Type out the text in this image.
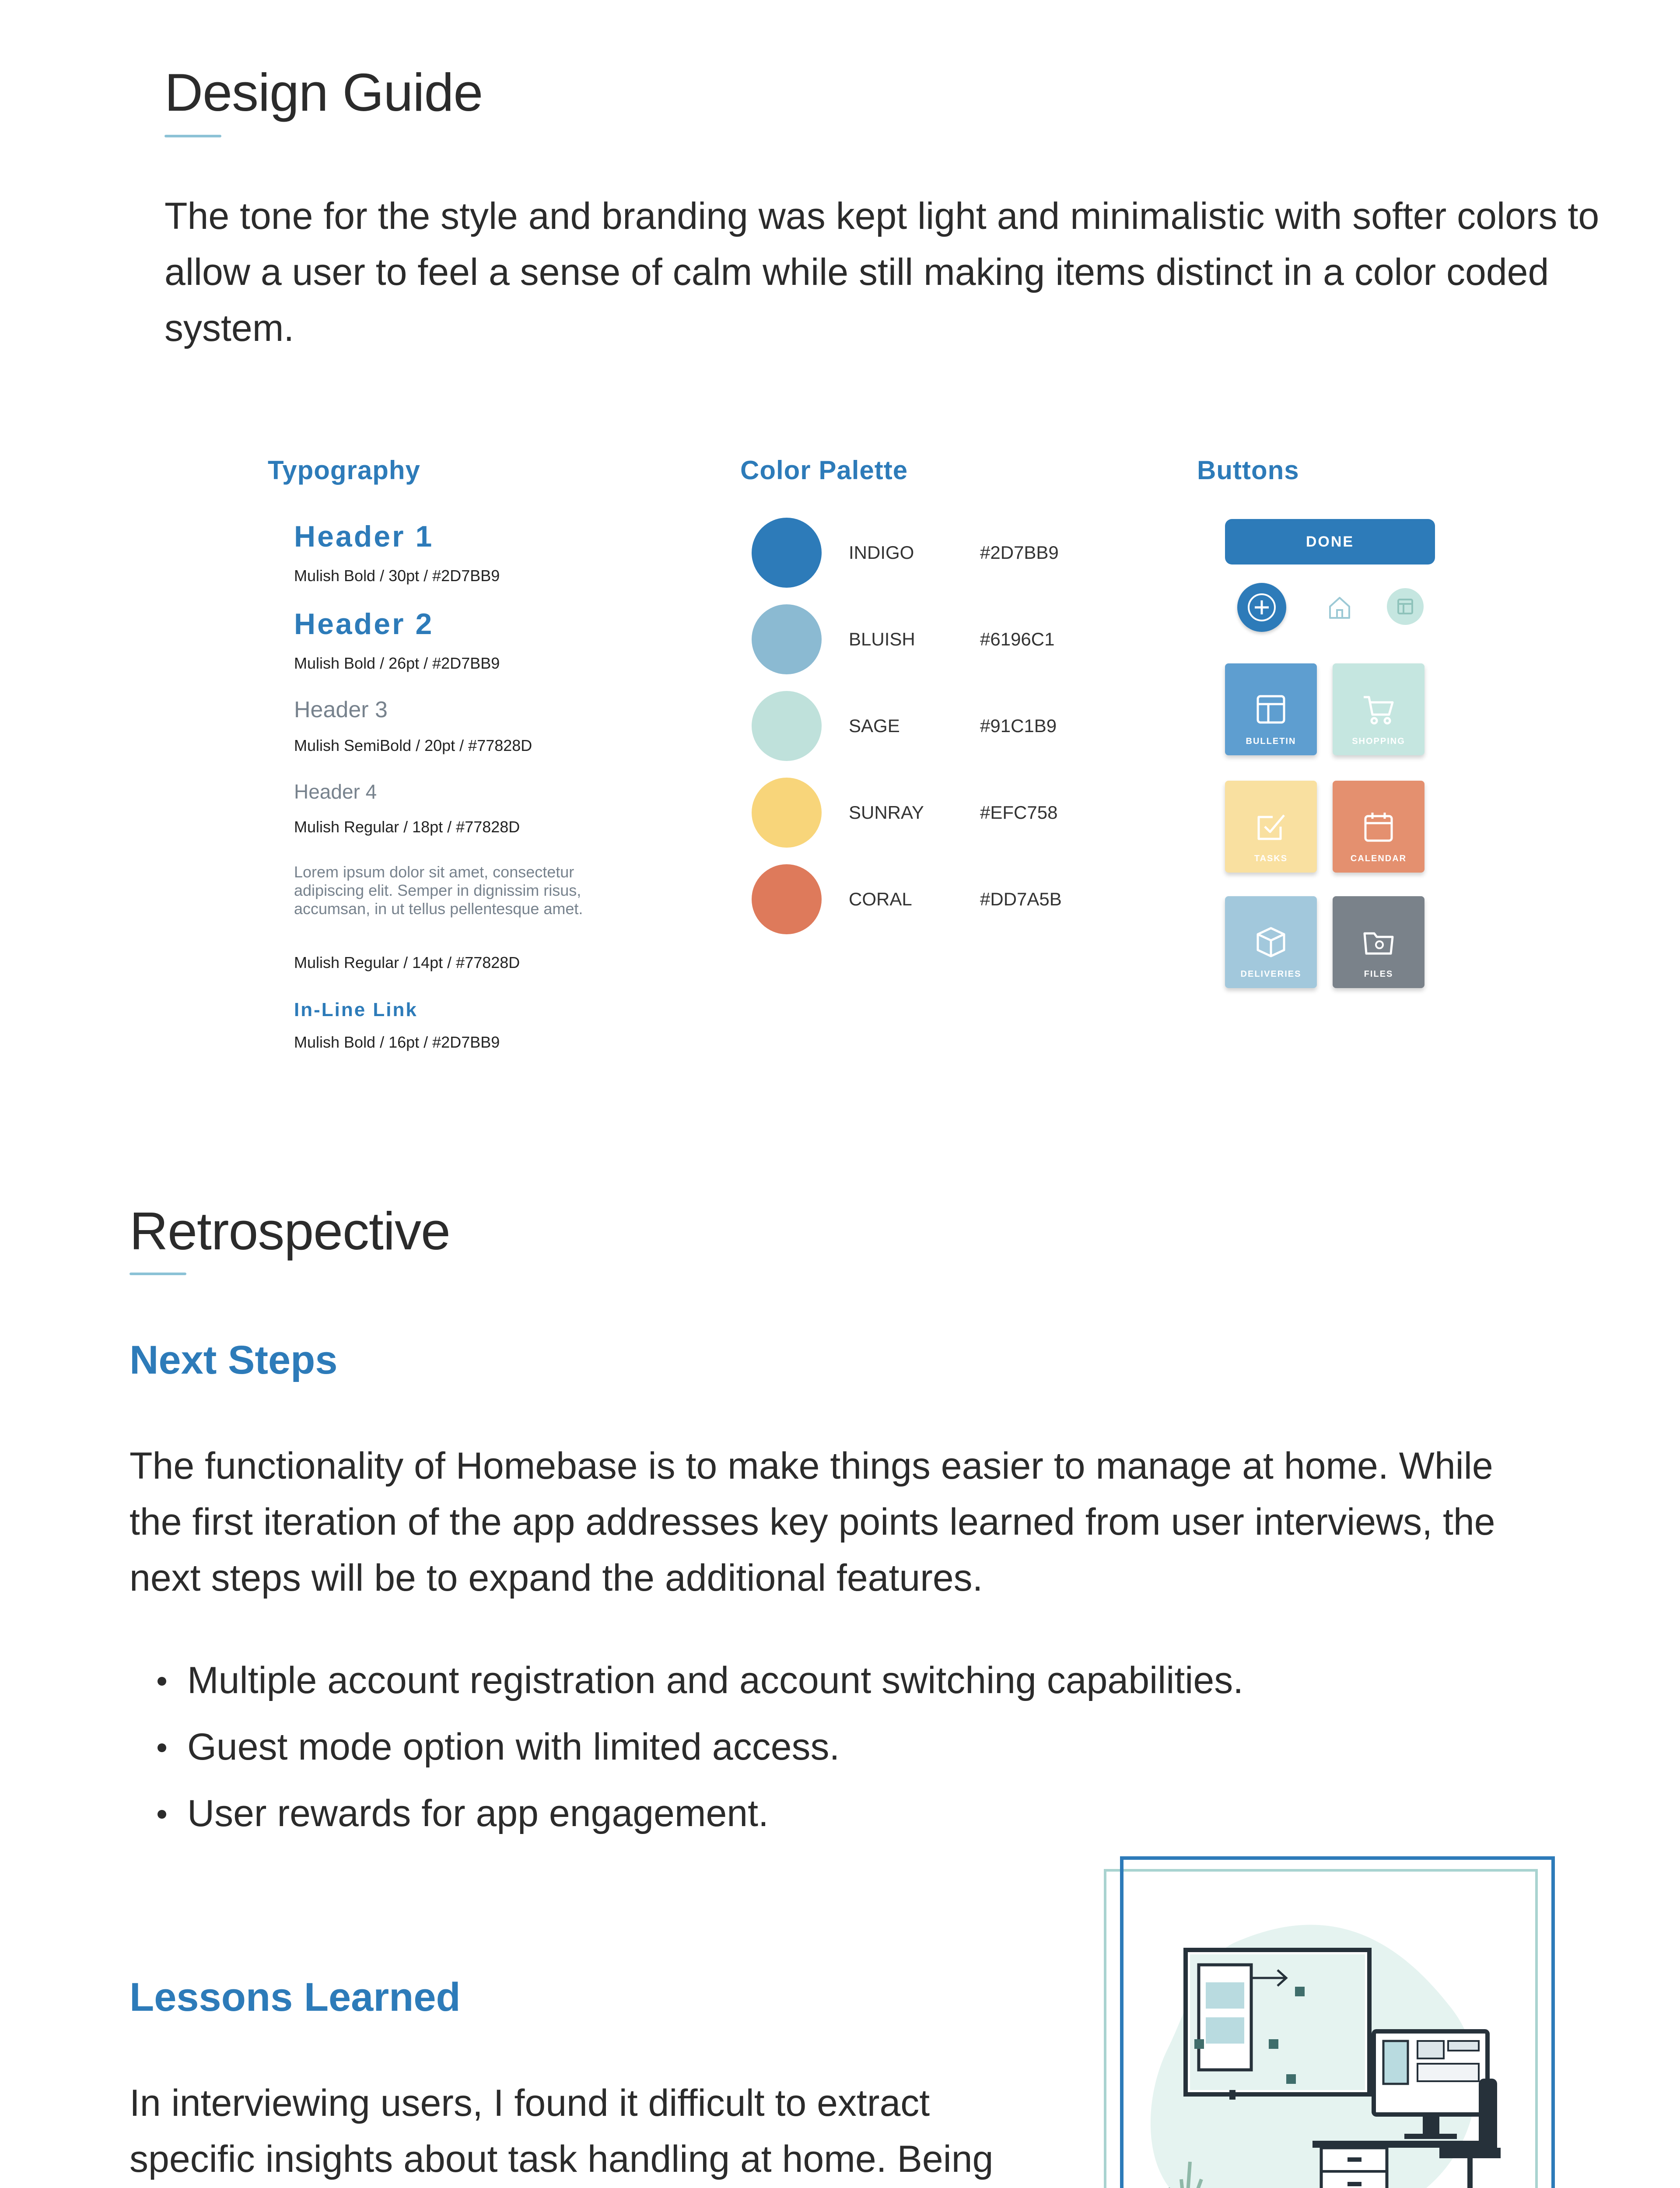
Design Guide
The tone for the style and branding was kept light and minimalistic with softer colors to allow a user to feel a sense of calm while still making items distinct in a color coded system.
Typography
Header 1
Mulish Bold / 30pt / #2D7BB9
Header 2
Mulish Bold / 26pt / #2D7BB9
Header 3
Mulish SemiBold / 20pt / #77828D
Header 4
Mulish Regular / 18pt / #77828D
Lorem ipsum dolor sit amet, consectetur adipiscing elit. Semper in dignissim risus, accumsan, in ut tellus pellentesque amet.
Mulish Regular / 14pt / #77828D
In-Line Link
Mulish Bold / 16pt / #2D7BB9
Color Palette
INDIGO	#2D7BB9
BLUISH	#6196C1
SAGE	#91C1B9
SUNRAY	#EFC758
CORAL	#DD7A5B
Buttons
DONE
BULLETIN	SHOPPING
TASKS	CALENDAR
DELIVERIES	FILES
Retrospective
Next Steps
The functionality of Homebase is to make things easier to manage at home. While the first iteration of the app addresses key points learned from user interviews, the next steps will be to expand the additional features.
Multiple account registration and account switching capabilities.
Guest mode option with limited access.
User rewards for app engagement.
Lessons Learned
In interviewing users, I found it difficult to extract specific insights about task handling at home. Being
